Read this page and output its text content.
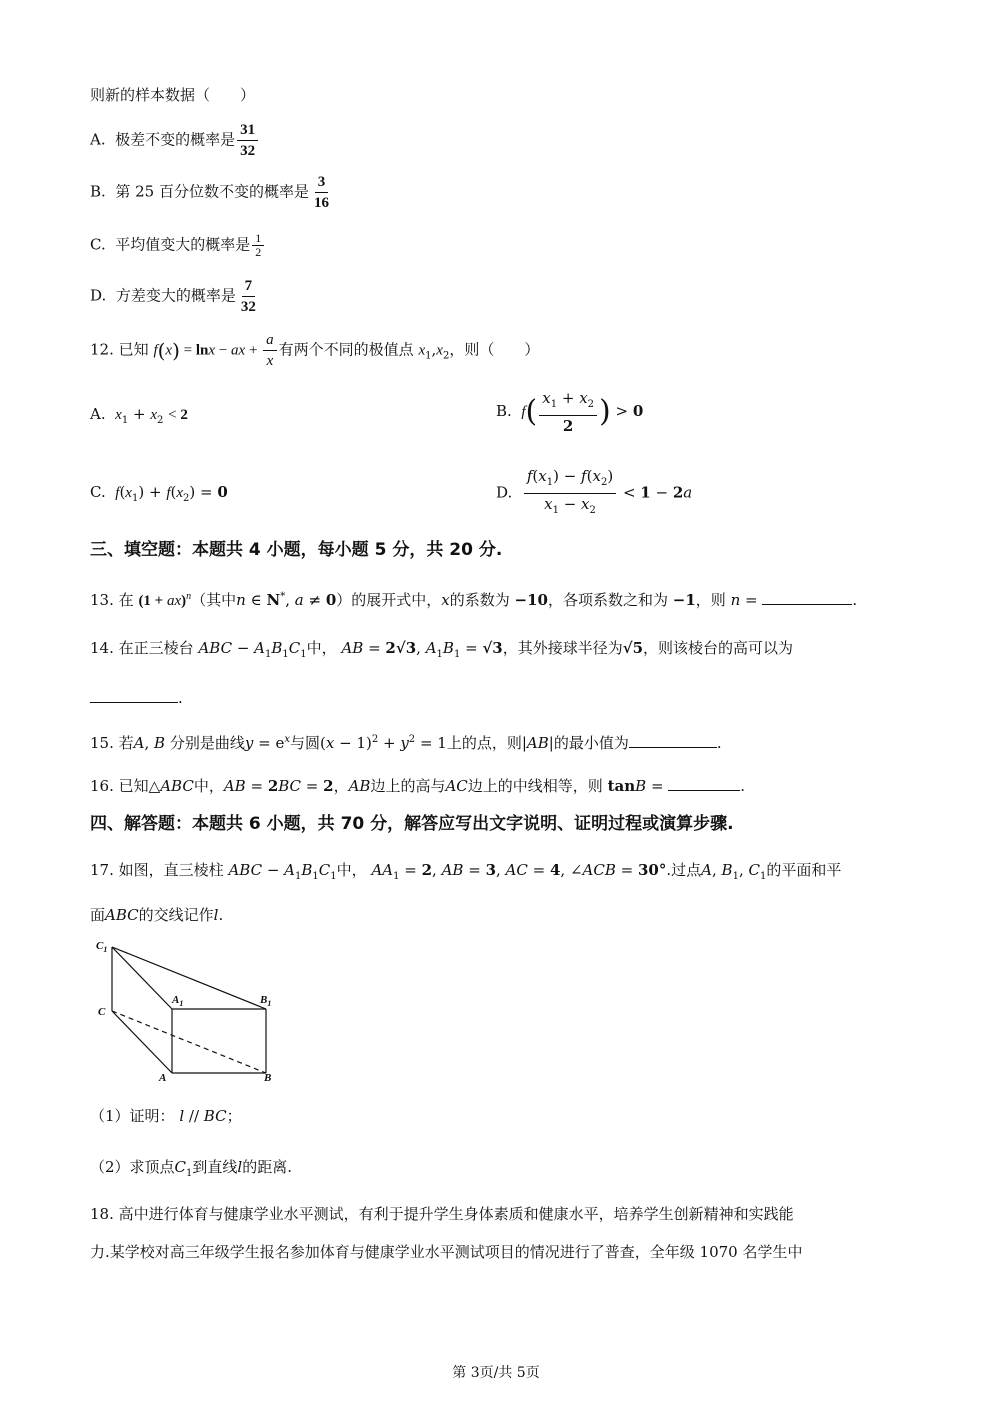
则新的样本数据（　　）
A. 极差不变的概率是 $\frac{31}{32}$
B. 第 25 百分位数不变的概率是 $\frac{3}{16}$
C. 平均值变大的概率是 $\frac{1}{2}$
D. 方差变大的概率是 $\frac{7}{32}$
12. 已知 f(x) = lnx − ax + $\frac{a}{x}$ 有两个不同的极值点 $x_1,x_2$，则（　　）
A. $x_1 + x_2 < 2$	B. $f( \frac{x_1 + x_2}{2}$ ) > 0
C. $f(x_1) + f(x_2) = 0$	D. $\frac{f(x_1) - f(x_2)}{x_1 - x_2} < 1 - 2a$
三、填空题：本题共 4 小题，每小题 5 分，共 20 分.
13. 在 (1 + ax)$^n$（其中n ∈ N*, a ≠ 0）的展开式中，x的系数为 −10，各项系数之和为 −1，则 n =	.
14. 在正三棱台 ABC − $A_1B_1C_1$中， AB = 2√3, $A_1B_1 = √3$，其外接球半径为√5，则该棱台的高可以为
.
15. 若A, B 分别是曲线$y = e^x$与圆$(x - 1)^2 + y^2 = 1$上的点，则|AB|的最小值为	.
16. 已知△ABC中，AB = 2BC = 2，AB边上的高与AC边上的中线相等，则 tanB =	.
四、解答题：本题共 6 小题，共 70 分，解答应写出文字说明、证明过程或演算步骤.
17. 如图，直三棱柱 ABC − $A_1B_1C_1$中， $AA_1 = 2$, AB = 3, AC = 4, ∠ACB = 30°.过点A, $B_1$, $C_1$的平面和平
面ABC的交线记作l.
$C_1$
$A_1$	$B_1$
C
A	B
（1）证明： l // BC；
（2）求顶点$C_1$到直线l的距离.
18. 高中进行体育与健康学业水平测试，有利于提升学生身体素质和健康水平，培养学生创新精神和实践能
力.某学校对高三年级学生报名参加体育与健康学业水平测试项目的情况进行了普查，全年级 1070 名学生中
第 3页/共 5页
